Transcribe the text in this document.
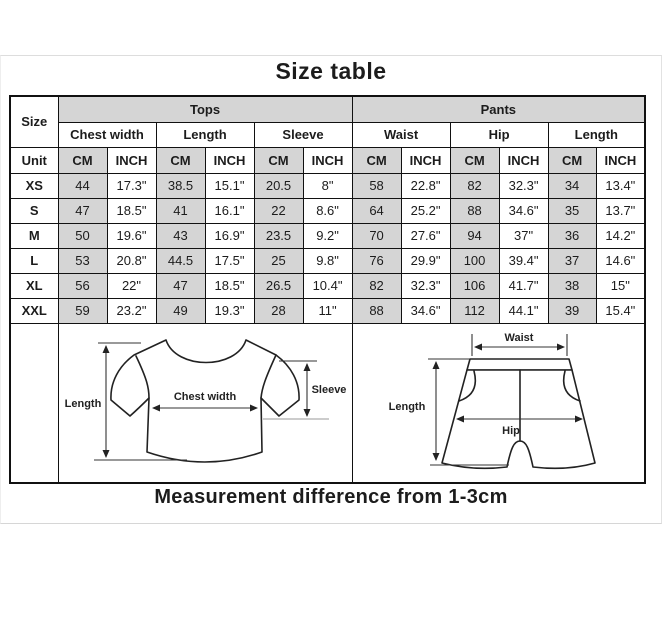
Size table
Size	Tops						Pants					
	Chest width		Length		Sleeve		Waist		Hip		Length	
Unit	CM	INCH	CM	INCH	CM	INCH	CM	INCH	CM	INCH	CM	INCH
XS	44	17.3"	38.5	15.1"	20.5	8"	58	22.8"	82	32.3"	34	13.4"
S	47	18.5"	41	16.1"	22	8.6"	64	25.2"	88	34.6"	35	13.7"
M	50	19.6"	43	16.9"	23.5	9.2"	70	27.6"	94	37"	36	14.2"
L	53	20.8"	44.5	17.5"	25	9.8"	76	29.9"	100	39.4"	37	14.6"
XL	56	22"	47	18.5"	26.5	10.4"	82	32.3"	106	41.7"	38	15"
XXL	59	23.2"	49	19.3"	28	11"	88	34.6"	112	44.1"	39	15.4"

Length
Chest width
Sleeve						Waist
Length
Hip					
Measurement difference from 1-3cm
